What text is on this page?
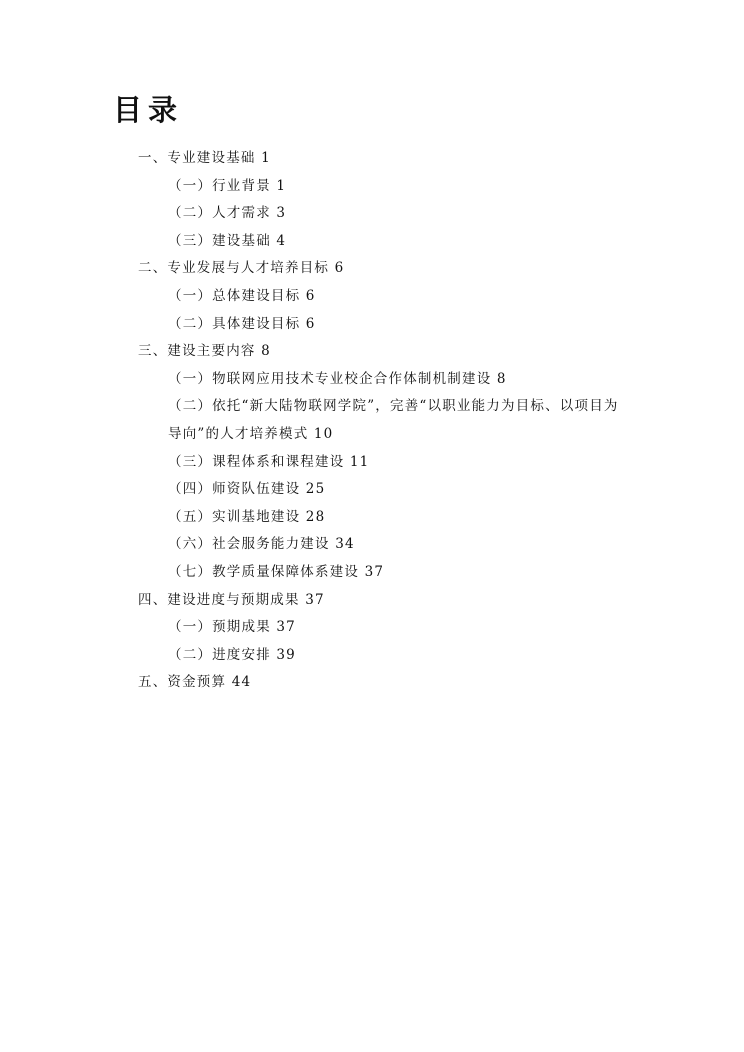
目录
一、专业建设基础 1
（一）行业背景 1
（二）人才需求 3
（三）建设基础 4
二、专业发展与人才培养目标 6
（一）总体建设目标 6
（二）具体建设目标 6
三、建设主要内容 8
（一）物联网应用技术专业校企合作体制机制建设 8
（二）依托“新大陆物联网学院”，完善“以职业能力为目标、以项目为
导向”的人才培养模式 10
（三）课程体系和课程建设 11
（四）师资队伍建设 25
（五）实训基地建设 28
（六）社会服务能力建设 34
（七）教学质量保障体系建设 37
四、建设进度与预期成果 37
（一）预期成果 37
（二）进度安排 39
五、资金预算 44
